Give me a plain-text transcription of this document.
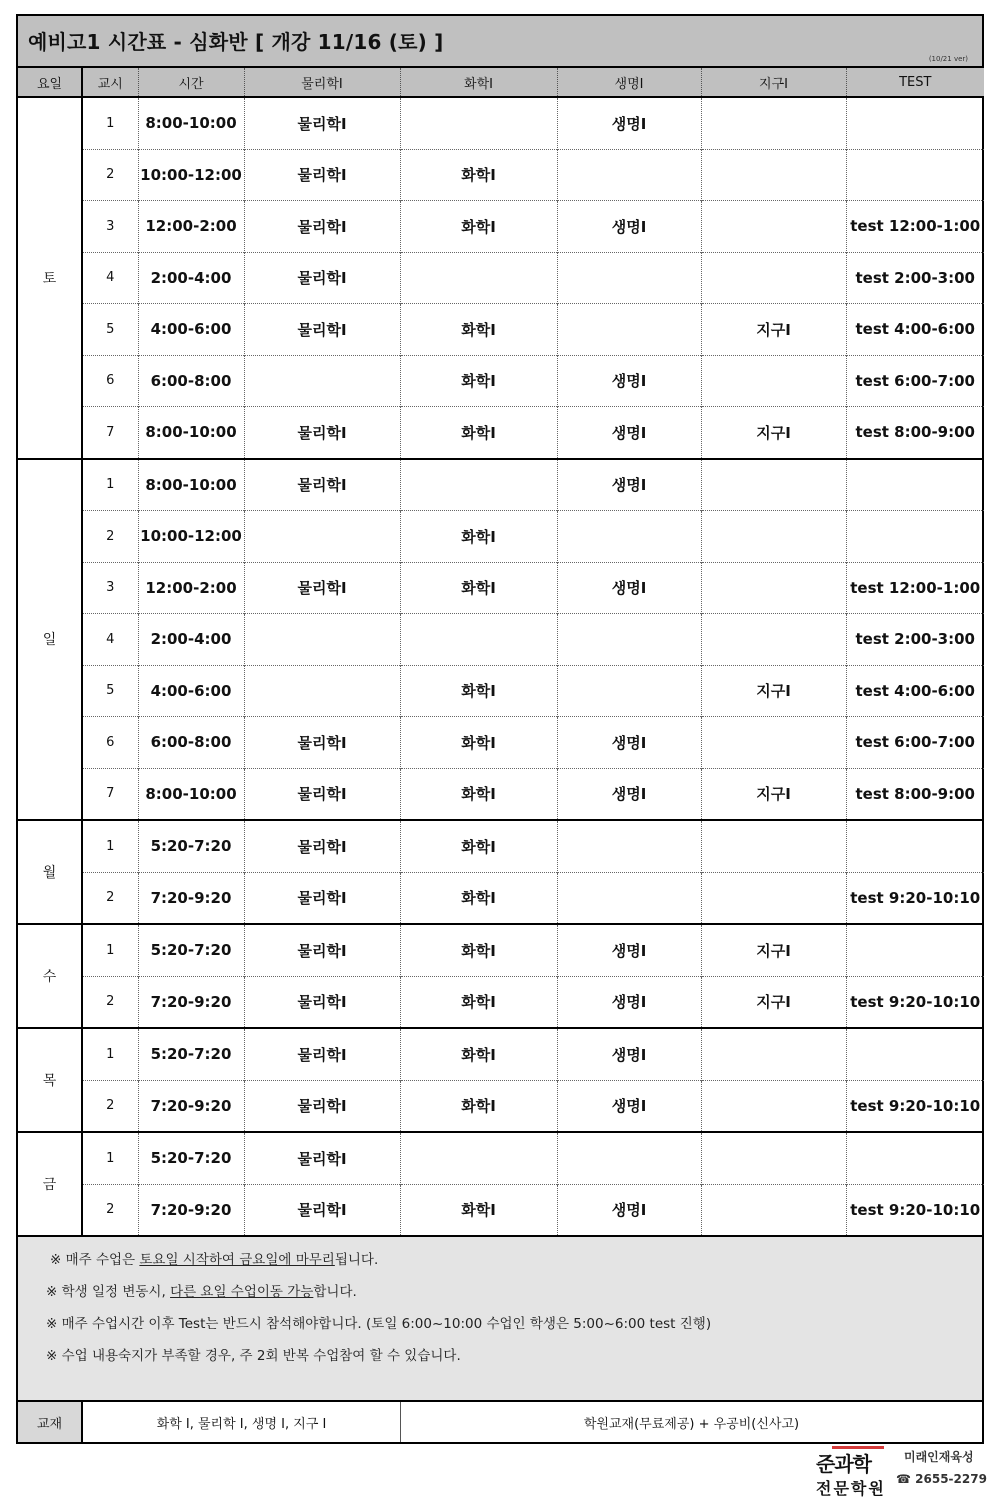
예비고1 시간표 - 심화반 [ 개강 11/16 (토) ]
(10/21 ver)
요일	교시	시간	물리학I	화학I	생명I	지구I	TEST
토	1	8:00-10:00	물리학I		생명I		
	2	10:00-12:00	물리학I	화학I			
	3	12:00-2:00	물리학I	화학I	생명I		test 12:00-1:00
	4	2:00-4:00	물리학I				test 2:00-3:00
	5	4:00-6:00	물리학I	화학I		지구I	test 4:00-6:00
	6	6:00-8:00		화학I	생명I		test 6:00-7:00
	7	8:00-10:00	물리학I	화학I	생명I	지구I	test 8:00-9:00
일	1	8:00-10:00	물리학I		생명I		
	2	10:00-12:00		화학I			
	3	12:00-2:00	물리학I	화학I	생명I		test 12:00-1:00
	4	2:00-4:00					test 2:00-3:00
	5	4:00-6:00		화학I		지구I	test 4:00-6:00
	6	6:00-8:00	물리학I	화학I	생명I		test 6:00-7:00
	7	8:00-10:00	물리학I	화학I	생명I	지구I	test 8:00-9:00
월	1	5:20-7:20	물리학I	화학I			
	2	7:20-9:20	물리학I	화학I			test 9:20-10:10
수	1	5:20-7:20	물리학I	화학I	생명I	지구I	
	2	7:20-9:20	물리학I	화학I	생명I	지구I	test 9:20-10:10
목	1	5:20-7:20	물리학I	화학I	생명I		
	2	7:20-9:20	물리학I	화학I	생명I		test 9:20-10:10
금	1	5:20-7:20	물리학I				
	2	7:20-9:20	물리학I	화학I	생명I		test 9:20-10:10
※ 매주 수업은 토요일 시작하여 금요일에 마무리됩니다.
※ 학생 일정 변동시, 다른 요일 수업이동 가능합니다.
※ 매주 수업시간 이후 Test는 반드시 참석해야합니다. (토일 6:00~10:00 수업인 학생은 5:00~6:00 test 진행)
※ 수업 내용숙지가 부족할 경우, 주 2회 반복 수업참여 할 수 있습니다.
교재	화학 I, 물리학 I, 생명 I, 지구 I	학원교재(무료제공) + 우공비(신사고)
준과학
전문학원
미래인재육성
☎ 2655-2279
